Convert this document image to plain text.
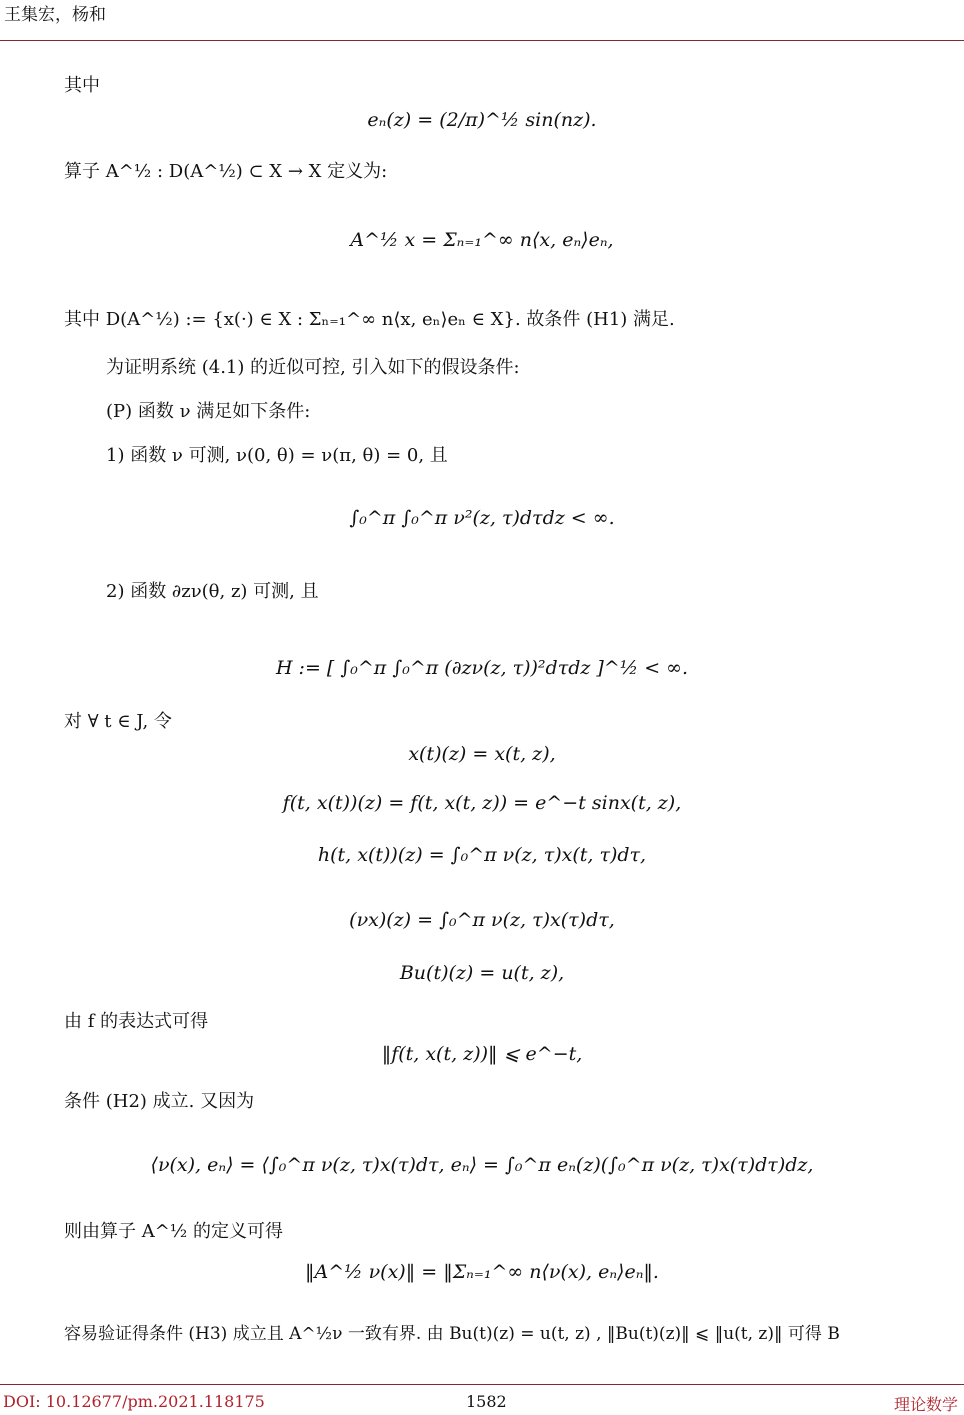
王集宏，杨和
其中
eₙ(z) = (2/π)^½ sin(nz).
算子 A^½ : D(A^½) ⊂ X → X 定义为:
A^½ x = Σₙ₌₁^∞ n⟨x, eₙ⟩eₙ,
其中 D(A^½) := {x(·) ∈ X : Σₙ₌₁^∞ n⟨x, eₙ⟩eₙ ∈ X}. 故条件 (H1) 满足.
为证明系统 (4.1) 的近似可控, 引入如下的假设条件:
(P) 函数 ν 满足如下条件:
1) 函数 ν 可测, ν(0, θ) = ν(π, θ) = 0, 且
∫₀^π ∫₀^π ν²(z, τ)dτdz < ∞.
2) 函数 ∂zν(θ, z) 可测, 且
H := [ ∫₀^π ∫₀^π (∂zν(z, τ))²dτdz ]^½ < ∞.
对 ∀ t ∈ J, 令
x(t)(z) = x(t, z),
f(t, x(t))(z) = f(t, x(t, z)) = e^−t sinx(t, z),
h(t, x(t))(z) = ∫₀^π ν(z, τ)x(t, τ)dτ,
(νx)(z) = ∫₀^π ν(z, τ)x(τ)dτ,
Bu(t)(z) = u(t, z),
由 f 的表达式可得
‖f(t, x(t, z))‖ ⩽ e^−t,
条件 (H2) 成立. 又因为
⟨ν(x), eₙ⟩ = ⟨∫₀^π ν(z, τ)x(τ)dτ, eₙ⟩ = ∫₀^π eₙ(z)(∫₀^π ν(z, τ)x(τ)dτ)dz,
则由算子 A^½ 的定义可得
‖A^½ ν(x)‖ = ‖Σₙ₌₁^∞ n⟨ν(x), eₙ⟩eₙ‖.
容易验证得条件 (H3) 成立且 A^½ν 一致有界. 由 Bu(t)(z) = u(t, z) , ‖Bu(t)(z)‖ ⩽ ‖u(t, z)‖ 可得 B
DOI: 10.12677/pm.2021.118175	1582	理论数学
